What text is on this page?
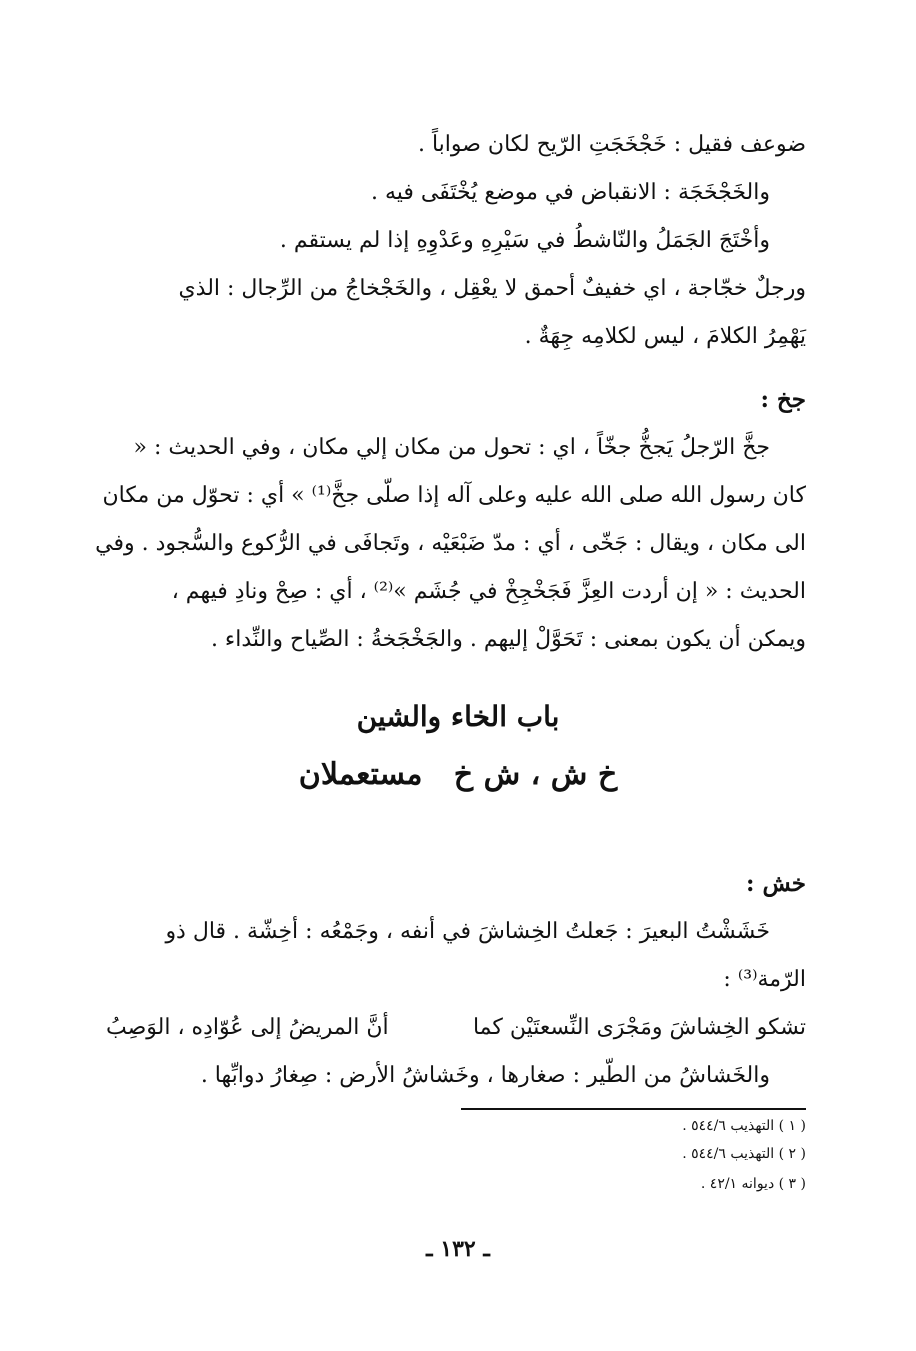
ضوعف فقيل : خَجْخَجَتِ الرّيح لكان صواباً .
والخَجْخَجَة : الانقباض في موضع يُخْتَفَى فيه .
وأخْتَجَ الجَمَلُ والنّاشطُ في سَيْرِهِ وعَدْوِهِ إذا لم يستقم .
ورجلٌ خجّاجة ، اي خفيفٌ أحمق لا يعْقِل ، والخَجْخاجُ من الرِّجال : الذي
يَهْمِرُ الكلامَ ، ليس لكلامِه جِهَةٌ .
جخ :
جخَّ الرّجلُ يَجخُّ جخّاً ، اي : تحول من مكان إلي مكان ، وفي الحديث : «
كان رسول الله صلى الله عليه وعلى آله إذا صلّى جخَّ⁽¹⁾ » أي : تحوّل من مكان
الى مكان ، ويقال : جَخّى ، أي : مدّ ضَبْعَيْه ، وتَجافَى في الرُّكوع والسُّجود . وفي
الحديث : « إن أردت العِزَّ فَجَخْجِخْ في جُشَم »⁽²⁾ ، أي : صِحْ ونادِ فيهم ،
ويمكن أن يكون بمعنى : تَحَوَّلْ إليهم . والجَخْجَخةُ : الصِّياح والنِّداء .
باب الخاء والشين
خ ش ، ش خ   مستعملان
خش :
خَشَشْتُ البعيرَ : جَعلتُ الخِشاشَ في أنفه ، وجَمْعُه : أخِشّة . قال ذو
الرّمة⁽³⁾ :
تشكو الخِشاشَ ومَجْرَى النِّسعتَيْن كما
أنَّ المريضُ إلى عُوّادِه ، الوَصِبُ
والخَشاشُ من الطّير : صغارها ، وخَشاشُ الأرض : صِغارُ دوابِّها .
( ١ ) التهذيب ٥٤٤/٦ .
( ٢ ) التهذيب ٥٤٤/٦ .
( ٣ ) ديوانه ٤٢/١ .
ـ ١٣٢ ـ
